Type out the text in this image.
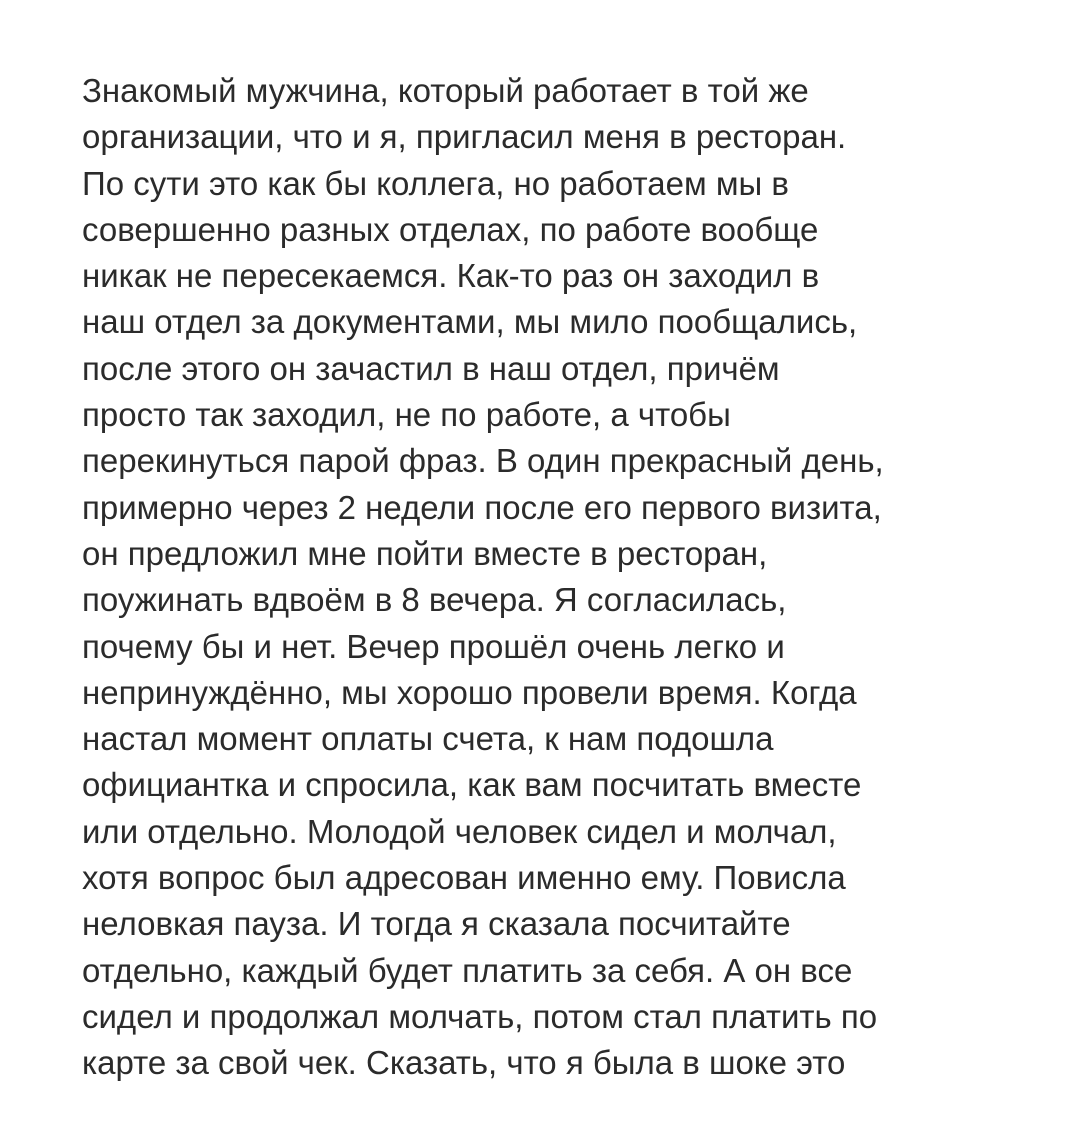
Знакомый мужчина, который работает в той же
организации, что и я, пригласил меня в ресторан.
По сути это как бы коллега, но работаем мы в
совершенно разных отделах, по работе вообще
никак не пересекаемся. Как-то раз он заходил в
наш отдел за документами, мы мило пообщались,
после этого он зачастил в наш отдел, причём
просто так заходил, не по работе, а чтобы
перекинуться парой фраз. В один прекрасный день,
примерно через 2 недели после его первого визита,
он предложил мне пойти вместе в ресторан,
поужинать вдвоём в 8 вечера. Я согласилась,
почему бы и нет. Вечер прошёл очень легко и
непринуждённо, мы хорошо провели время. Когда
настал момент оплаты счета, к нам подошла
официантка и спросила, как вам посчитать вместе
или отдельно. Молодой человек сидел и молчал,
хотя вопрос был адресован именно ему. Повисла
неловкая пауза. И тогда я сказала посчитайте
отдельно, каждый будет платить за себя. А он все
сидел и продолжал молчать, потом стал платить по
карте за свой чек. Сказать, что я была в шоке это
